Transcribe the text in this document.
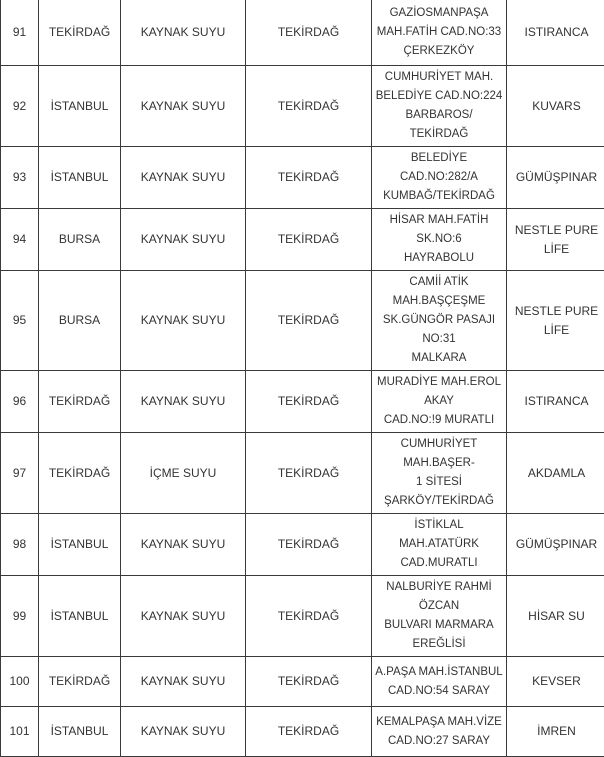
91	TEKİRDAĞ	KAYNAK SUYU	TEKİRDAĞ	GAZİOSMANPAŞA
MAH.FATİH CAD.NO:33
ÇERKEZKÖY	ISTIRANCA
92	İSTANBUL	KAYNAK SUYU	TEKİRDAĞ	CUMHURİYET MAH.
BELEDİYE CAD.NO:224
BARBAROS/ TEKİRDAĞ	KUVARS
93	İSTANBUL	KAYNAK SUYU	TEKİRDAĞ	BELEDİYE CAD.NO:282/A
KUMBAĞ/TEKİRDAĞ	GÜMÜŞPINAR
94	BURSA	KAYNAK SUYU	TEKİRDAĞ	HİSAR MAH.FATİH SK.NO:6
HAYRABOLU	NESTLE PURE
LİFE
95	BURSA	KAYNAK SUYU	TEKİRDAĞ	CAMİİ ATİK MAH.BAŞÇEŞME
SK.GÜNGÖR PASAJI NO:31
MALKARA	NESTLE PURE
LİFE
96	TEKİRDAĞ	KAYNAK SUYU	TEKİRDAĞ	MURADİYE MAH.EROL AKAY
CAD.NO:!9 MURATLI	ISTIRANCA
97	TEKİRDAĞ	İÇME SUYU	TEKİRDAĞ	CUMHURİYET MAH.BAŞER-
1 SİTESİ
ŞARKÖY/TEKİRDAĞ	AKDAMLA
98	İSTANBUL	KAYNAK SUYU	TEKİRDAĞ	İSTİKLAL MAH.ATATÜRK
CAD.MURATLI	GÜMÜŞPINAR
99	İSTANBUL	KAYNAK SUYU	TEKİRDAĞ	NALBURİYE RAHMİ ÖZCAN
BULVARI MARMARA
EREĞLİSİ	HİSAR SU
100	TEKİRDAĞ	KAYNAK SUYU	TEKİRDAĞ	A.PAŞA MAH.İSTANBUL
CAD.NO:54 SARAY	KEVSER
101	İSTANBUL	KAYNAK SUYU	TEKİRDAĞ	KEMALPAŞA MAH.VİZE
CAD.NO:27 SARAY	İMREN
